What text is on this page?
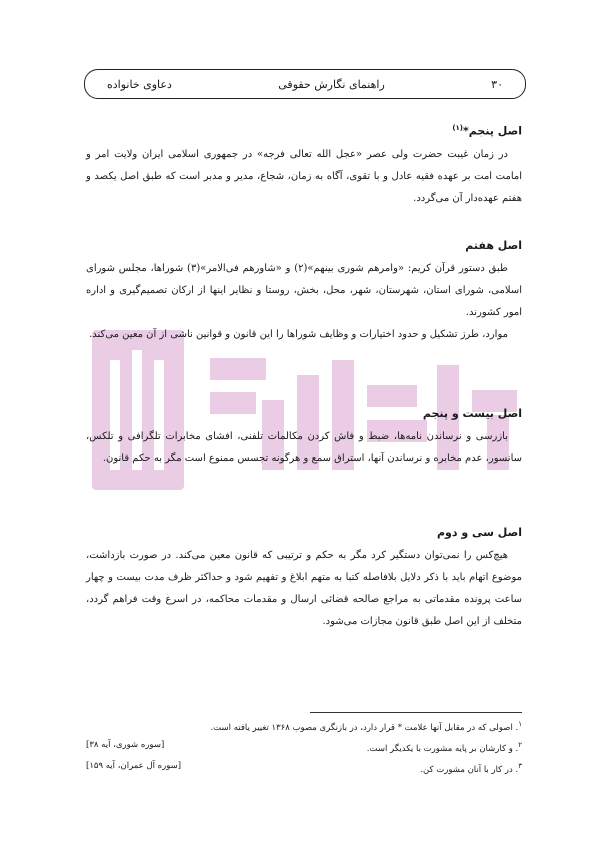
۳۰
راهنمای نگارش حقوقی
دعاوی خانواده

اصل پنجم*$^{(۱)}$

در زمان غیبت حضرت ولی عصر «عجل الله تعالی فرجه» در جمهوری اسلامی ایران ولایت امر و امامت امت بر عهده فقیه عادل و با تقوی، آگاه به زمان، شجاع، مدیر و مدبر است که طبق اصل یکصد و هفتم عهده‌دار آن می‌گردد.

اصل هفتم

طبق دستور قرآن کریم: «وامرهم شوری بینهم»(۲) و «شاورهم فی‌الامر»(۳) شوراها، مجلس شورای اسلامی، شورای استان، شهرستان، شهر، محل، بخش، روستا و نظایر اینها از ارکان تصمیم‌گیری و اداره امور کشورند.

موارد، طرز تشکیل و حدود اختیارات و وظایف شوراها را این قانون و قوانین ناشی از آن معین می‌کند.

اصل بیست و پنجم

بازرسی و نرساندن نامه‌ها، ضبط و فاش کردن مکالمات تلفنی، افشای مخابرات تلگرافی و تلکس، سانسور، عدم مخابره و نرساندن آنها، استراق سمع و هرگونه تجسس ممنوع است مگر به حکم قانون.

اصل سی و دوم

هیچ‌کس را نمی‌توان دستگیر کرد مگر به حکم و ترتیبی که قانون معین می‌کند. در صورت بازداشت، موضوع اتهام باید با ذکر دلایل بلافاصله کتبا به متهم ابلاغ و تفهیم شود و حداکثر ظرف مدت بیست و چهار ساعت پرونده مقدماتی به مراجع صالحه قضائی ارسال و مقدمات محاکمه، در اسرع وقت فراهم گردد، متخلف از این اصل طبق قانون مجازات می‌شود.

$^۱$. اصولی که در مقابل آنها علامت * قرار دارد، در بازنگری مصوب ۱۳۶۸ تغییر یافته است.
$^۲$. و کارشان بر پایه مشورت با یکدیگر است.
[سوره شوری، آیه ۳۸]
$^۳$. در کار با آنان مشورت کن.
[سوره آل عمران، آیه ۱۵۹]
